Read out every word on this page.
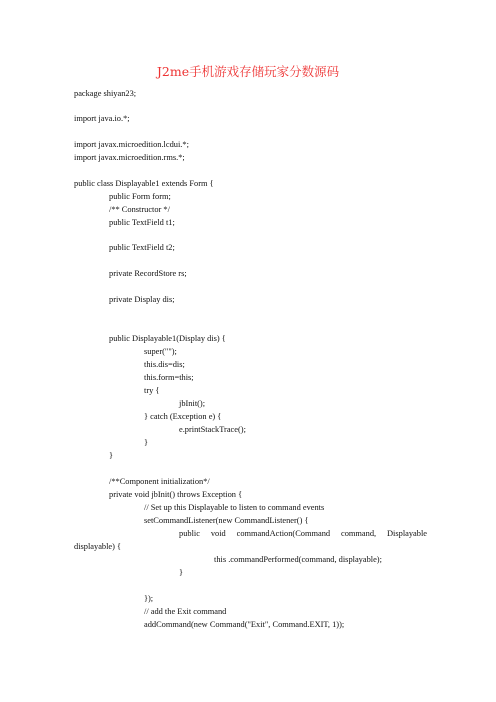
J2me手机游戏存储玩家分数源码
package shiyan23;
import java.io.*;
import javax.microedition.lcdui.*;
import javax.microedition.rms.*;
public class Displayable1 extends Form {
public Form form;
/** Constructor */
public TextField t1;
public TextField t2;
private RecordStore rs;
private Display dis;
public Displayable1(Display dis) {
super("");
this.dis=dis;
this.form=this;
try {
jbInit();
} catch (Exception e) {
e.printStackTrace();
}
}
/**Component initialization*/
private void jbInit() throws Exception {
// Set up this Displayable to listen to command events
setCommandListener(new CommandListener() {
public void commandAction(Command command, Displayable
displayable) {
this .commandPerformed(command, displayable);
}
});
// add the Exit command
addCommand(new Command("Exit", Command.EXIT, 1));
